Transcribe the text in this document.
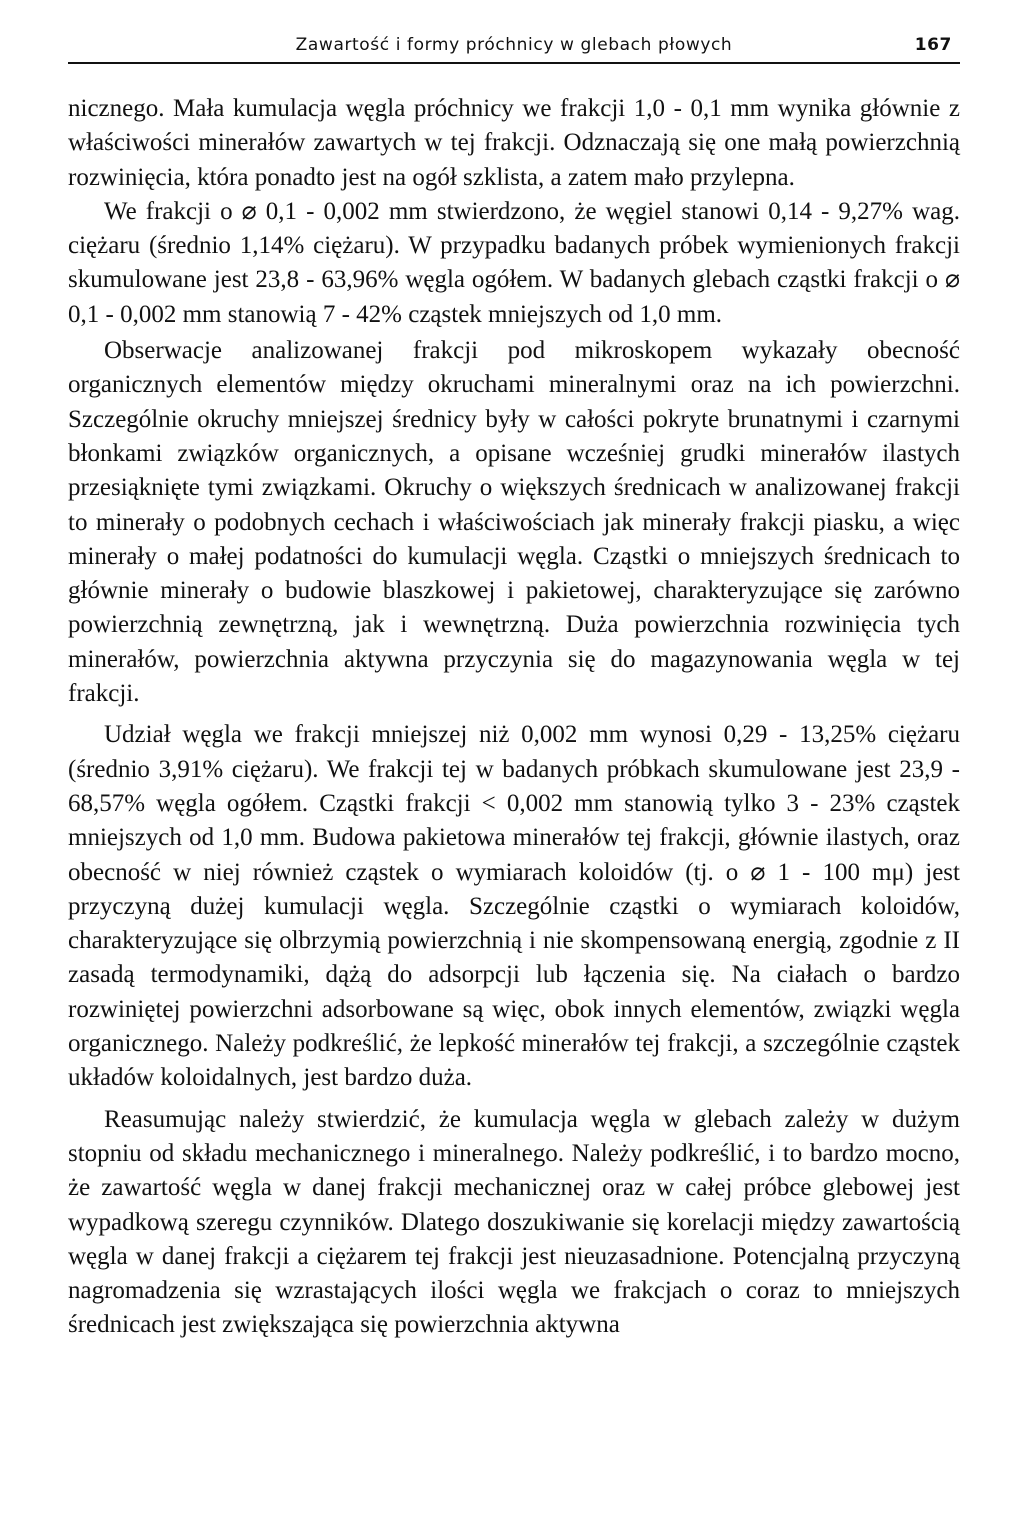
Zawartość i formy próchnicy w glebach płowych	167

nicznego. Mała kumulacja węgla próchnicy we frakcji 1,0 - 0,1 mm wynika głównie z właściwości minerałów zawartych w tej frakcji. Odznaczają się one małą powierzchnią rozwinięcia, która ponadto jest na ogół szklista, a zatem mało przylepna.

We frakcji o ⌀ 0,1 - 0,002 mm stwierdzono, że węgiel stanowi 0,14 - 9,27% wag. ciężaru (średnio 1,14% ciężaru). W przypadku badanych próbek wymienionych frakcji skumulowane jest 23,8 - 63,96% węgla ogółem. W badanych glebach cząstki frakcji o ⌀ 0,1 - 0,002 mm stanowią 7 - 42% cząstek mniejszych od 1,0 mm.

Obserwacje analizowanej frakcji pod mikroskopem wykazały obecność organicznych elementów między okruchami mineralnymi oraz na ich powierzchni. Szczególnie okruchy mniejszej średnicy były w całości pokryte brunatnymi i czarnymi błonkami związków organicznych, a opisane wcześniej grudki minerałów ilastych przesiąknięte tymi związkami. Okruchy o większych średnicach w analizowanej frakcji to minerały o podobnych cechach i właściwościach jak minerały frakcji piasku, a więc minerały o małej podatności do kumulacji węgla. Cząstki o mniejszych średnicach to głównie minerały o budowie blaszkowej i pakietowej, charakteryzujące się zarówno powierzchnią zewnętrzną, jak i wewnętrzną. Duża powierzchnia rozwinięcia tych minerałów, powierzchnia aktywna przyczynia się do magazynowania węgla w tej frakcji.

Udział węgla we frakcji mniejszej niż 0,002 mm wynosi 0,29 - 13,25% ciężaru (średnio 3,91% ciężaru). We frakcji tej w badanych próbkach skumulowane jest 23,9 - 68,57% węgla ogółem. Cząstki frakcji < 0,002 mm stanowią tylko 3 - 23% cząstek mniejszych od 1,0 mm. Budowa pakietowa minerałów tej frakcji, głównie ilastych, oraz obecność w niej również cząstek o wymiarach koloidów (tj. o ⌀ 1 - 100 mμ) jest przyczyną dużej kumulacji węgla. Szczególnie cząstki o wymiarach koloidów, charakteryzujące się olbrzymią powierzchnią i nie skompensowaną energią, zgodnie z II zasadą termodynamiki, dążą do adsorpcji lub łączenia się. Na ciałach o bardzo rozwiniętej powierzchni adsorbowane są więc, obok innych elementów, związki węgla organicznego. Należy podkreślić, że lepkość minerałów tej frakcji, a szczególnie cząstek układów koloidalnych, jest bardzo duża.

Reasumując należy stwierdzić, że kumulacja węgla w glebach zależy w dużym stopniu od składu mechanicznego i mineralnego. Należy podkreślić, i to bardzo mocno, że zawartość węgla w danej frakcji mechanicznej oraz w całej próbce glebowej jest wypadkową szeregu czynników. Dlatego doszukiwanie się korelacji między zawartością węgla w danej frakcji a ciężarem tej frakcji jest nieuzasadnione. Potencjalną przyczyną nagromadzenia się wzrastających ilości węgla we frakcjach o coraz to mniejszych średnicach jest zwiększająca się powierzchnia aktywna
